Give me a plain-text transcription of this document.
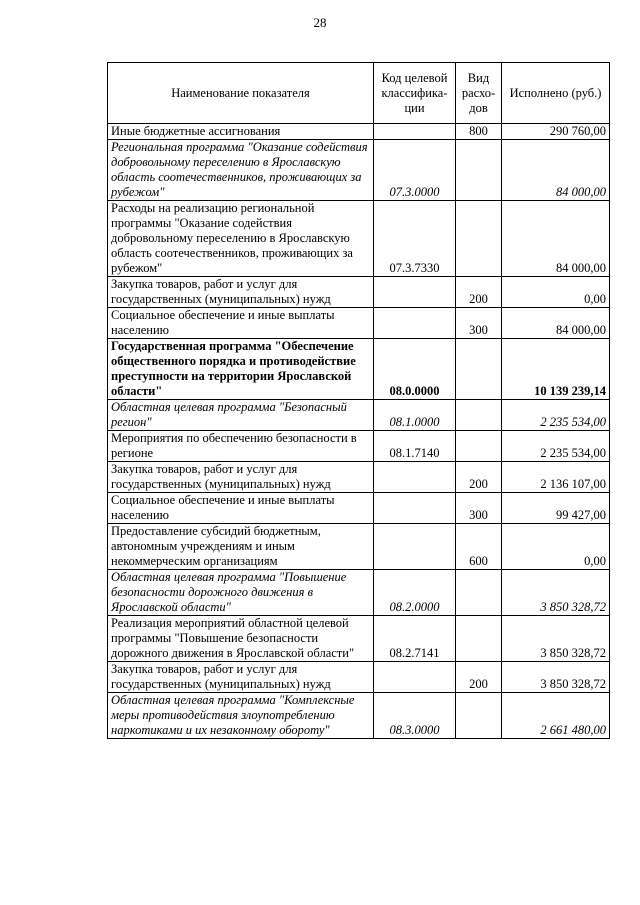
28
Наименование показателя	Код целевой классифика-ции	Вид расхо-дов	Исполнено (руб.)
Иные бюджетные ассигнования		800	290 760,00
Региональная программа "Оказание содействия добровольному переселению в Ярославскую область соотечественников, проживающих за рубежом"	07.3.0000		84 000,00
Расходы на реализацию региональной программы "Оказание содействия добровольному переселению в Ярославскую область соотечественников, проживающих за рубежом"	07.3.7330		84 000,00
Закупка товаров, работ и услуг для государственных (муниципальных) нужд		200	0,00
Социальное обеспечение и иные выплаты населению		300	84 000,00
Государственная программа "Обеспечение общественного порядка и противодействие преступности на территории Ярославской области"	08.0.0000		10 139 239,14
Областная целевая программа "Безопасный регион"	08.1.0000		2 235 534,00
Мероприятия по обеспечению безопасности в регионе	08.1.7140		2 235 534,00
Закупка товаров, работ и услуг для государственных (муниципальных) нужд		200	2 136 107,00
Социальное обеспечение и иные выплаты населению		300	99 427,00
Предоставление субсидий бюджетным, автономным учреждениям и иным некоммерческим организациям		600	0,00
Областная целевая программа "Повышение безопасности дорожного движения в Ярославской области"	08.2.0000		3 850 328,72
Реализация мероприятий областной целевой программы "Повышение безопасности дорожного движения в Ярославской области"	08.2.7141		3 850 328,72
Закупка товаров, работ и услуг для государственных (муниципальных) нужд		200	3 850 328,72
Областная целевая программа "Комплексные меры противодействия злоупотреблению наркотиками и их незаконному обороту"	08.3.0000		2 661 480,00
